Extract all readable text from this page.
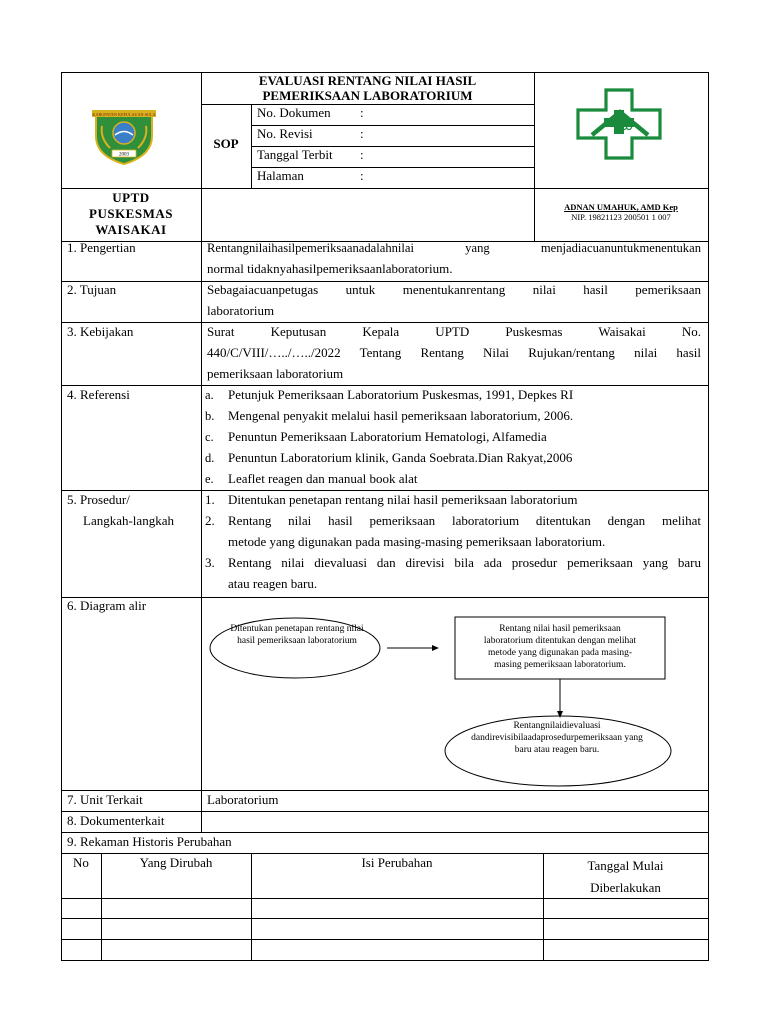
KABUPATEN KEPULAUAN SULA
2003
EVALUASI RENTANG NILAI HASIL
PEMERIKSAAN LABORATORIUM
SOP
No. Dokumen :
No. Revisi	:
Tanggal Terbit :
Halaman	:
UPTD
PUSKESMAS
WAISAKAI
ADNAN UMAHUK, AMD Kep
NIP. 19821123 200501 1 007
1. Pengertian	Rentangnilaihasilpemeriksaanadalahnilai yang menjadiacuanuntukmenentukan
normal tidaknyahasilpemeriksaanlaboratorium.
2. Tujuan	Sebagaiacuanpetugas untuk menentukanrentang nilai hasil pemeriksaan
laboratorium
3. Kebijakan	Surat Keputusan Kepala UPTD Puskesmas Waisakai No.
440/C/VIII/…../…../2022 Tentang Rentang Nilai Rujukan/rentang nilai hasil
pemeriksaan laboratorium
4. Referensi	a. Petunjuk Pemeriksaan Laboratorium Puskesmas, 1991, Depkes RI
b. Mengenal penyakit melalui hasil pemeriksaan laboratorium, 2006.
c. Penuntun Pemeriksaan Laboratorium Hematologi, Alfamedia
d. Penuntun Laboratorium klinik, Ganda Soebrata.Dian Rakyat,2006
e. Leaflet reagen dan manual book alat
5. Prosedur/
Langkah-langkah
1. Ditentukan penetapan rentang nilai hasil pemeriksaan laboratorium
2. Rentang nilai hasil pemeriksaan laboratorium ditentukan dengan melihat
metode yang digunakan pada masing-masing pemeriksaan laboratorium.
3. Rentang nilai dievaluasi dan direvisi bila ada prosedur pemeriksaan yang baru
atau reagen baru.
6. Diagram alir
Ditentukan penetapan rentang nilai
hasil pemeriksaan laboratorium
Rentang nilai hasil pemeriksaan
laboratorium ditentukan dengan melihat
metode yang digunakan pada masing-
masing pemeriksaan laboratorium.
Rentangnilaidievaluasi
dandirevisibilaadaprosedurpemeriksaan yang
baru atau reagen baru.
7. Unit Terkait	Laboratorium
8. Dokumenterkait
9. Rekaman Historis Perubahan
No	Yang Dirubah	Isi Perubahan	Tanggal Mulai
Diberlakukan
